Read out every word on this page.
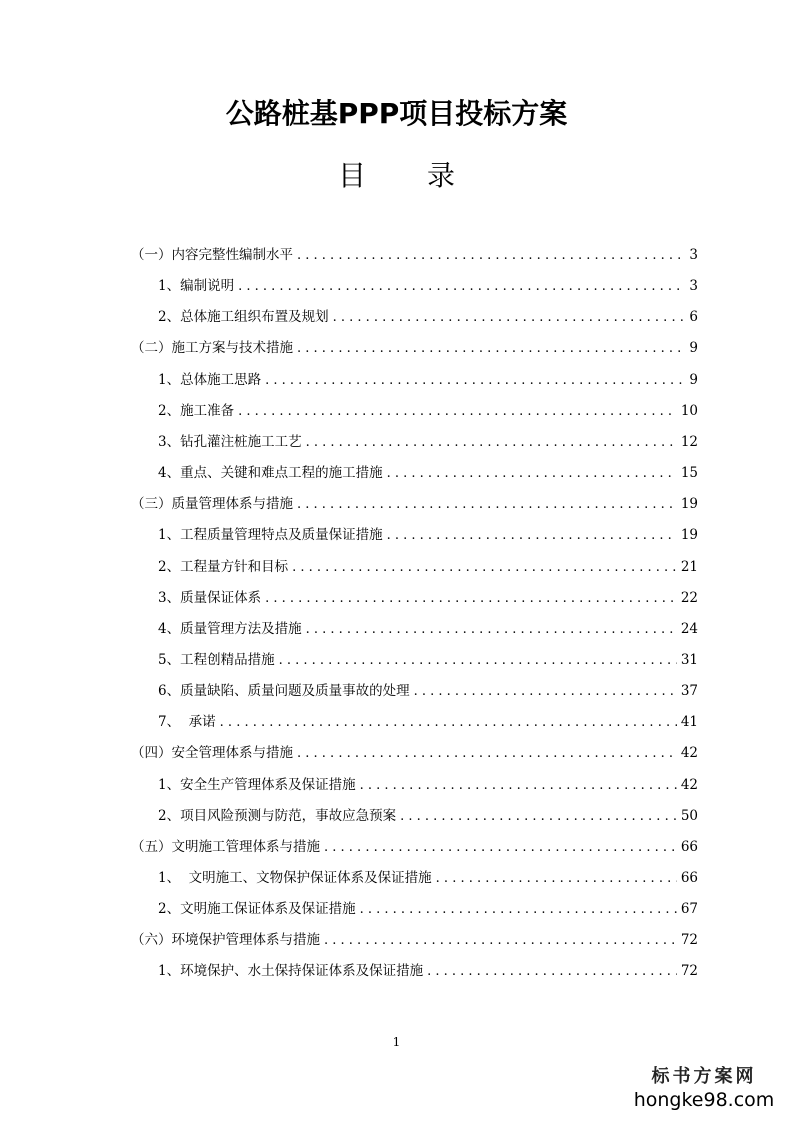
公路桩基PPP项目投标方案
目 录
（一）内容完整性编制水平 . . .	3
1、编制说明 . . .	3
2、总体施工组织布置及规划 . . .	6
（二）施工方案与技术措施 . . .	9
1、总体施工思路 . . .	9
2、施工准备 . . .	10
3、钻孔灌注桩施工工艺 . . .	12
4、重点、关键和难点工程的施工措施 . . .	15
（三）质量管理体系与措施 . . .	19
1、工程质量管理特点及质量保证措施 . . .	19
2、工程量方针和目标 . . .	21
3、质量保证体系 . . .	22
4、质量管理方法及措施 . . .	24
5、工程创精品措施 . . .	31
6、质量缺陷、质量问题及质量事故的处理 . . .	37
7、  承诺 . . .	41
（四）安全管理体系与措施 . . .	42
1、安全生产管理体系及保证措施 . . .	42
2、项目风险预测与防范，事故应急预案 . . .	50
（五）文明施工管理体系与措施 . . .	66
1、  文明施工、文物保护保证体系及保证措施 . . .	66
2、文明施工保证体系及保证措施 . . .	67
（六）环境保护管理体系与措施 . . .	72
1、环境保护、水土保持保证体系及保证措施 . . .	72
1
标书方案网
hongke98.com
